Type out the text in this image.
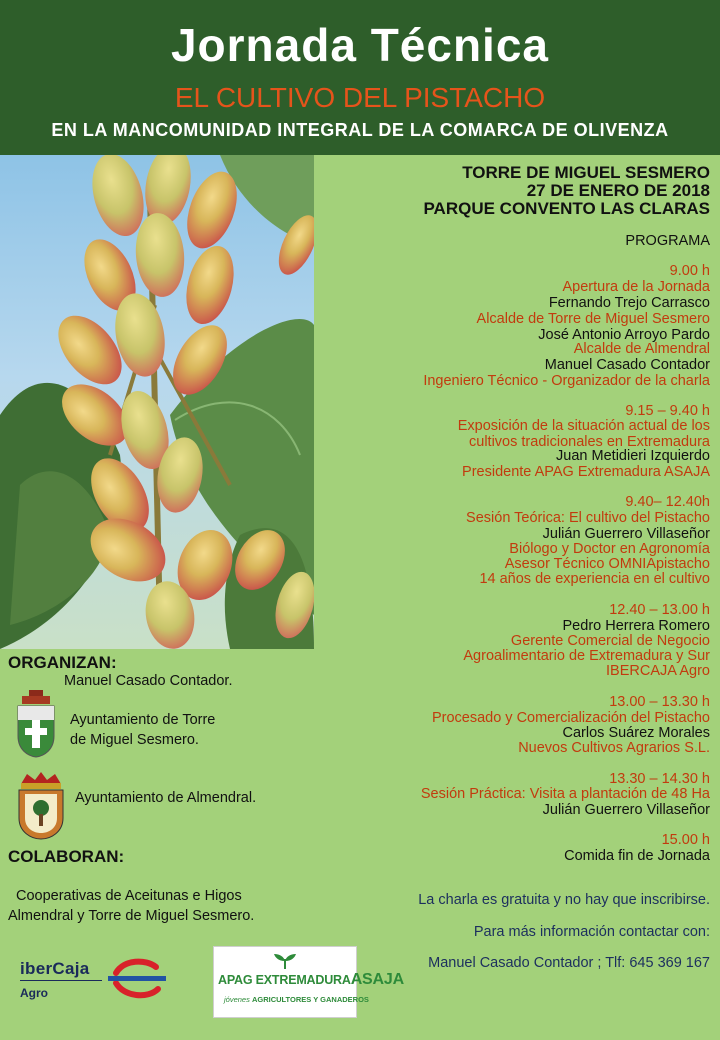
Jornada Técnica
EL CULTIVO DEL PISTACHO
EN LA MANCOMUNIDAD INTEGRAL DE LA COMARCA DE OLIVENZA
TORRE DE MIGUEL SESMERO
27 DE ENERO DE 2018
PARQUE CONVENTO LAS CLARAS
PROGRAMA
9.00 h
Apertura de la Jornada
Fernando Trejo Carrasco
Alcalde de Torre de Miguel Sesmero
José Antonio Arroyo Pardo
Alcalde de Almendral
Manuel Casado Contador
Ingeniero Técnico - Organizador de la charla
9.15 – 9.40 h
Exposición de la situación actual de los
cultivos tradicionales en Extremadura
Juan Metidieri Izquierdo
Presidente APAG Extremadura ASAJA
9.40– 12.40h
Sesión Teórica: El cultivo del Pistacho
Julián Guerrero Villaseñor
Biólogo y Doctor en Agronomía
Asesor Técnico OMNIApistacho
14 años de experiencia en el cultivo
12.40 – 13.00 h
Pedro Herrera Romero
Gerente Comercial de Negocio
Agroalimentario de Extremadura y Sur
IBERCAJA Agro
13.00 – 13.30 h
Procesado y Comercialización del Pistacho
Carlos Suárez Morales
Nuevos Cultivos Agrarios S.L.
13.30 – 14.30 h
Sesión Práctica: Visita a plantación de 48 Ha
Julián Guerrero Villaseñor
15.00 h
Comida fin de Jornada
La charla es gratuita y no hay que inscribirse.
Para más información contactar con:
Manuel Casado Contador ; Tlf: 645 369 167
ORGANIZAN:
Manuel Casado Contador.
Ayuntamiento de Torre
de Miguel Sesmero.
Ayuntamiento de Almendral.
COLABORAN:
Cooperativas de Aceitunas e Higos
Almendral y Torre de Miguel Sesmero.
iberCaja
Agro
APAG EXTREMADURAASAJA
jóvenes AGRICULTORES Y GANADEROS
